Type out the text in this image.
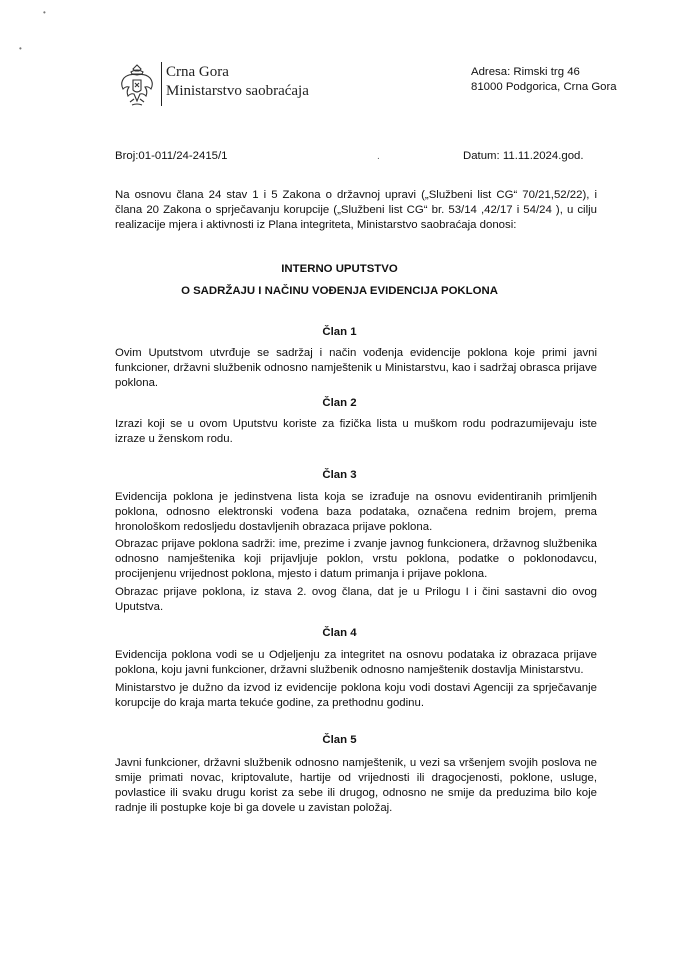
•
•
Crna Gora
Ministarstvo saobraćaja
Adresa: Rimski trg 46
81000 Podgorica, Crna Gora
Broj:01-011/24-2415/1	.	Datum: 11.11.2024.god.
Na osnovu člana 24 stav 1 i 5 Zakona o državnoj upravi („Službeni list CG“ 70/21,52/22), i člana 20 Zakona o sprječavanju korupcije („Službeni list CG“ br. 53/14 ,42/17 i 54/24 ), u cilju realizacije mjera i aktivnosti iz Plana integriteta, Ministarstvo saobraćaja donosi:
INTERNO UPUTSTVO
O SADRŽAJU I NAČINU VOĐENJA EVIDENCIJA POKLONA
Član 1
Ovim Uputstvom utvrđuje se sadržaj i način vođenja evidencije poklona koje primi javni funkcioner, državni službenik odnosno namještenik u Ministarstvu, kao i sadržaj obrasca prijave poklona.
Član 2
Izrazi koji se u ovom Uputstvu koriste za fizička lista u muškom rodu podrazumijevaju iste izraze u ženskom rodu.
Član 3
Evidencija poklona je jedinstvena lista koja se izrađuje na osnovu evidentiranih primljenih poklona, odnosno elektronski vođena baza podataka, označena rednim brojem, prema hronološkom redosljedu dostavljenih obrazaca prijave poklona.
Obrazac prijave poklona sadrži: ime, prezime i zvanje javnog funkcionera, državnog službenika odnosno namještenika koji prijavljuje poklon, vrstu poklona, podatke o poklonodavcu, procijenjenu vrijednost poklona, mjesto i datum primanja i prijave poklona.
Obrazac prijave poklona, iz stava 2. ovog člana, dat je u Prilogu I i čini sastavni dio ovog Uputstva.
Član 4
Evidencija poklona vodi se u Odjeljenju za integritet na osnovu podataka iz obrazaca prijave poklona, koju javni funkcioner, državni službenik odnosno namještenik dostavlja Ministarstvu.
Ministarstvo je dužno da izvod iz evidencije poklona koju vodi dostavi Agenciji za sprječavanje korupcije do kraja marta tekuće godine, za prethodnu godinu.
Član 5
Javni funkcioner, državni službenik odnosno namještenik, u vezi sa vršenjem svojih poslova ne smije primati novac, kriptovalute, hartije od vrijednosti ili dragocjenosti, poklone, usluge, povlastice ili svaku drugu korist za sebe ili drugog, odnosno ne smije da preduzima bilo koje radnje ili postupke koje bi ga dovele u zavistan položaj.
